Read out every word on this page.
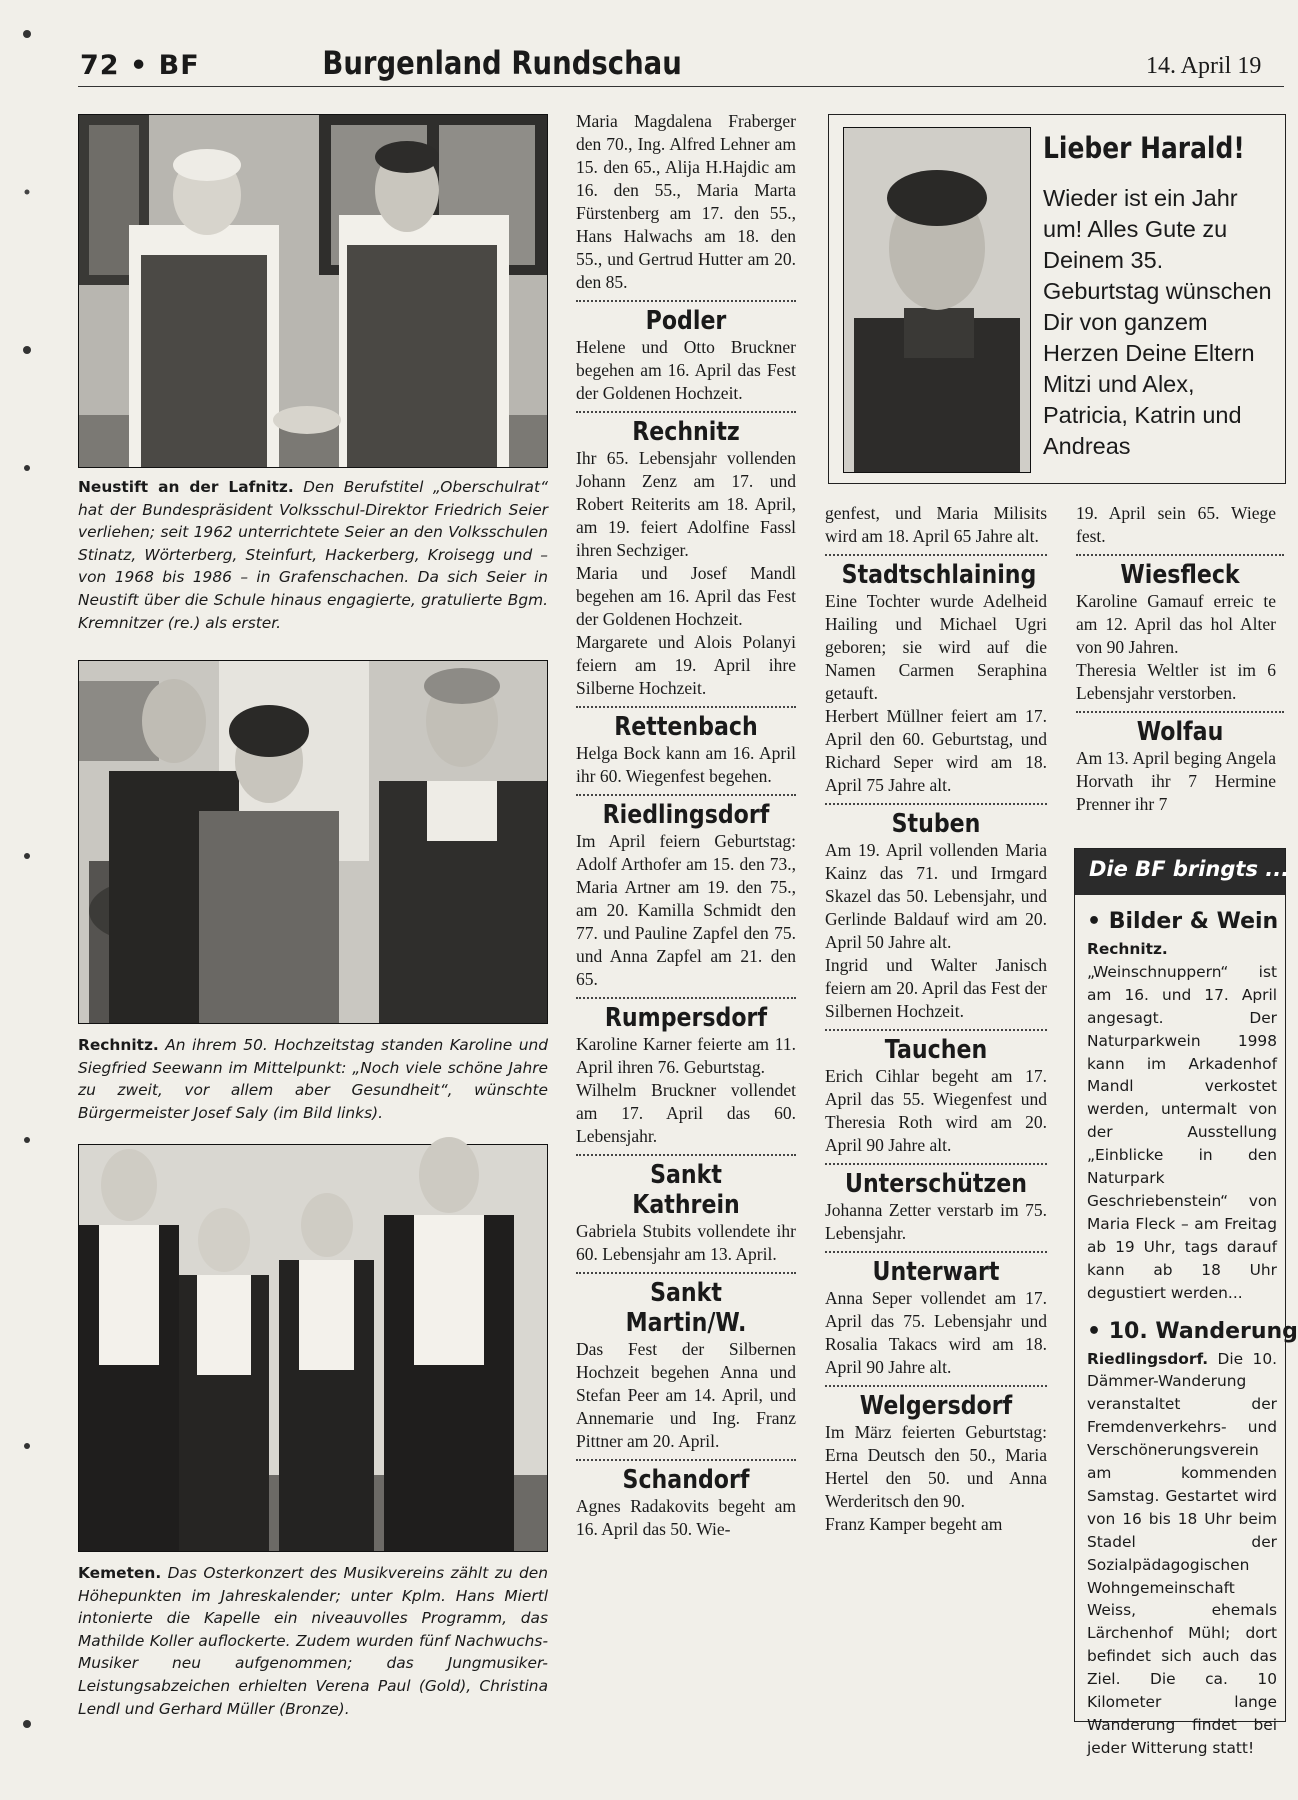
72 • BF	Burgenland Rundschau	14. April 19
Neustift an der Lafnitz. Den Berufstitel „Oberschulrat“ hat der Bundespräsident Volksschul-Direktor Friedrich Seier verliehen; seit 1962 unterrichtete Seier an den Volksschulen Stinatz, Wörterberg, Steinfurt, Hackerberg, Kroisegg und – von 1968 bis 1986 – in Grafenschachen. Da sich Seier in Neustift über die Schule hinaus engagierte, gratulierte Bgm. Kremnitzer (re.) als erster.
Rechnitz. An ihrem 50. Hochzeitstag standen Karoline und Siegfried Seewann im Mittelpunkt: „Noch viele schöne Jahre zu zweit, vor allem aber Gesundheit“, wünschte Bürgermeister Josef Saly (im Bild links).
Kemeten. Das Osterkonzert des Musikvereins zählt zu den Höhepunkten im Jahreskalender; unter Kplm. Hans Miertl intonierte die Kapelle ein niveauvolles Programm, das Mathilde Koller auflockerte. Zudem wurden fünf Nachwuchs-Musiker neu aufgenommen; das Jungmusiker-Leistungsabzeichen erhielten Verena Paul (Gold), Christina Lendl und Gerhard Müller (Bronze).

Maria Magdalena Fraberger den 70., Ing. Alfred Lehner am 15. den 65., Alija H.Hajdic am 16. den 55., Maria Marta Fürstenberg am 17. den 55., Hans Halwachs am 18. den 55., und Gertrud Hutter am 20. den 85.

Podler

Helene und Otto Bruckner begehen am 16. April das Fest der Goldenen Hochzeit.

Rechnitz

Ihr 65. Lebensjahr vollenden Johann Zenz am 17. und Robert Reiterits am 18. April, am 19. feiert Adolfine Fassl ihren Sechziger.

Maria und Josef Mandl begehen am 16. April das Fest der Goldenen Hochzeit.

Margarete und Alois Polanyi feiern am 19. April ihre Silberne Hochzeit.

Rettenbach

Helga Bock kann am 16. April ihr 60. Wiegenfest begehen.

Riedlingsdorf

Im April feiern Geburtstag: Adolf Arthofer am 15. den 73., Maria Artner am 19. den 75., am 20. Kamilla Schmidt den 77. und Pauline Zapfel den 75. und Anna Zapfel am 21. den 65.

Rumpersdorf

Karoline Karner feierte am 11. April ihren 76. Geburtstag.

Wilhelm Bruckner vollendet am 17. April das 60. Lebensjahr.

Sankt Kathrein

Gabriela Stubits vollendete ihr 60. Lebensjahr am 13. April.

Sankt Martin/W.

Das Fest der Silbernen Hochzeit begehen Anna und Stefan Peer am 14. April, und Annemarie und Ing. Franz Pittner am 20. April.

Schandorf

Agnes Radakovits begeht am 16. April das 50. Wie-

genfest, und Maria Milisits wird am 18. April 65 Jahre alt.

Stadtschlaining

Eine Tochter wurde Adelheid Hailing und Michael Ugri geboren; sie wird auf die Namen Carmen Seraphina getauft.

Herbert Müllner feiert am 17. April den 60. Geburtstag, und Richard Seper wird am 18. April 75 Jahre alt.

Stuben

Am 19. April vollenden Maria Kainz das 71. und Irmgard Skazel das 50. Lebensjahr, und Gerlinde Baldauf wird am 20. April 50 Jahre alt.

Ingrid und Walter Janisch feiern am 20. April das Fest der Silbernen Hochzeit.

Tauchen

Erich Cihlar begeht am 17. April das 55. Wiegenfest und Theresia Roth wird am 20. April 90 Jahre alt.

Unterschützen

Johanna Zetter verstarb im 75. Lebensjahr.

Unterwart

Anna Seper vollendet am 17. April das 75. Lebensjahr und Rosalia Takacs wird am 18. April 90 Jahre alt.

Welgersdorf

Im März feierten Geburtstag: Erna Deutsch den 50., Maria Hertel den 50. und Anna Werderitsch den 90.

Franz Kamper begeht am

19. April sein 65. Wiege fest.

Wiesfleck

Karoline Gamauf erreic te am 12. April das hol Alter von 90 Jahren.

Theresia Weltler ist im 6 Lebensjahr verstorben.

Wolfau

Am 13. April beging Angela Horvath ihr 7 Hermine Prenner ihr 7

Lieber Harald!
Wieder ist ein Jahr um! Alles Gute zu Deinem 35. Geburtstag wünschen Dir von ganzem Herzen Deine Eltern Mitzi und Alex, Patricia, Katrin und Andreas
Die BF bringts ...
• Bilder & Wein

Rechnitz. „Weinschnuppern“ ist am 16. und 17. April angesagt. Der Naturparkwein 1998 kann im Arkadenhof Mandl verkostet werden, untermalt von der Ausstellung „Einblicke in den Naturpark Geschriebenstein“ von Maria Fleck – am Freitag ab 19 Uhr, tags darauf kann ab 18 Uhr degustiert werden...

• 10. Wanderung

Riedlingsdorf. Die 10. Dämmer-Wanderung veranstaltet der Fremdenverkehrs- und Verschönerungsverein am kommenden Samstag. Gestartet wird von 16 bis 18 Uhr beim Stadel der Sozialpädagogischen Wohngemeinschaft Weiss, ehemals Lärchenhof Mühl; dort befindet sich auch das Ziel. Die ca. 10 Kilometer lange Wanderung findet bei jeder Witterung statt!
